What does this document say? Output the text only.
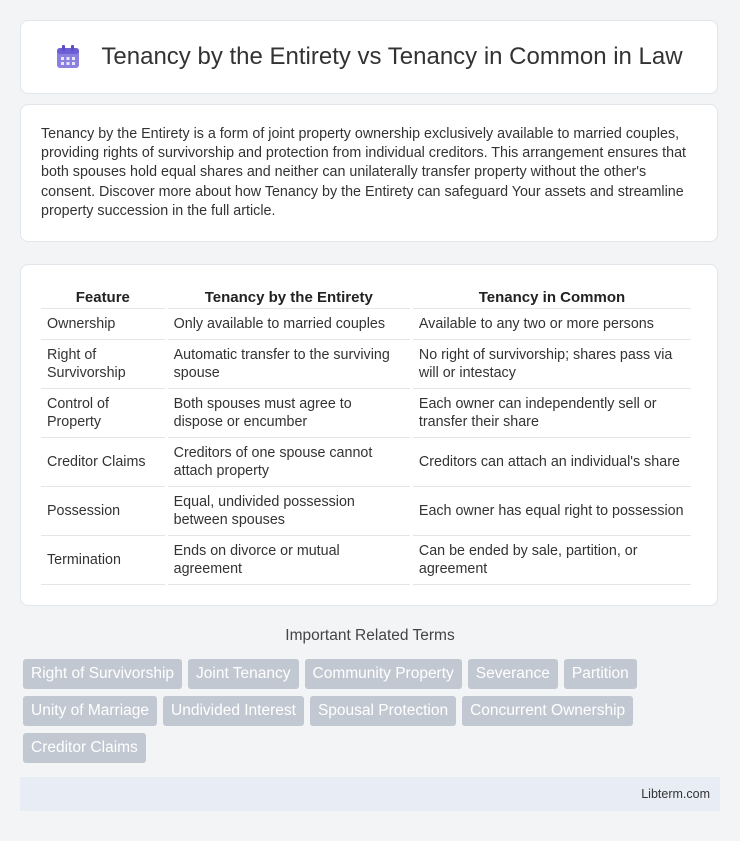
Tenancy by the Entirety vs Tenancy in Common in Law

Tenancy by the Entirety is a form of joint property ownership exclusively available to married couples, providing rights of survivorship and protection from individual creditors. This arrangement ensures that both spouses hold equal shares and neither can unilaterally transfer property without the other's consent. Discover more about how Tenancy by the Entirety can safeguard Your assets and streamline property succession in the full article.

Feature	Tenancy by the Entirety	Tenancy in Common
Ownership	Only available to married couples	Available to any two or more persons
Right of Survivorship	Automatic transfer to the surviving spouse	No right of survivorship; shares pass via will or intestacy
Control of Property	Both spouses must agree to dispose or encumber	Each owner can independently sell or transfer their share
Creditor Claims	Creditors of one spouse cannot attach property	Creditors can attach an individual's share
Possession	Equal, undivided possession between spouses	Each owner has equal right to possession
Termination	Ends on divorce or mutual agreement	Can be ended by sale, partition, or agreement
Important Related Terms
Right of Survivorship Joint Tenancy Community Property Severance Partition
Unity of Marriage Undivided Interest Spousal Protection Concurrent Ownership
Creditor Claims
Libterm.com
